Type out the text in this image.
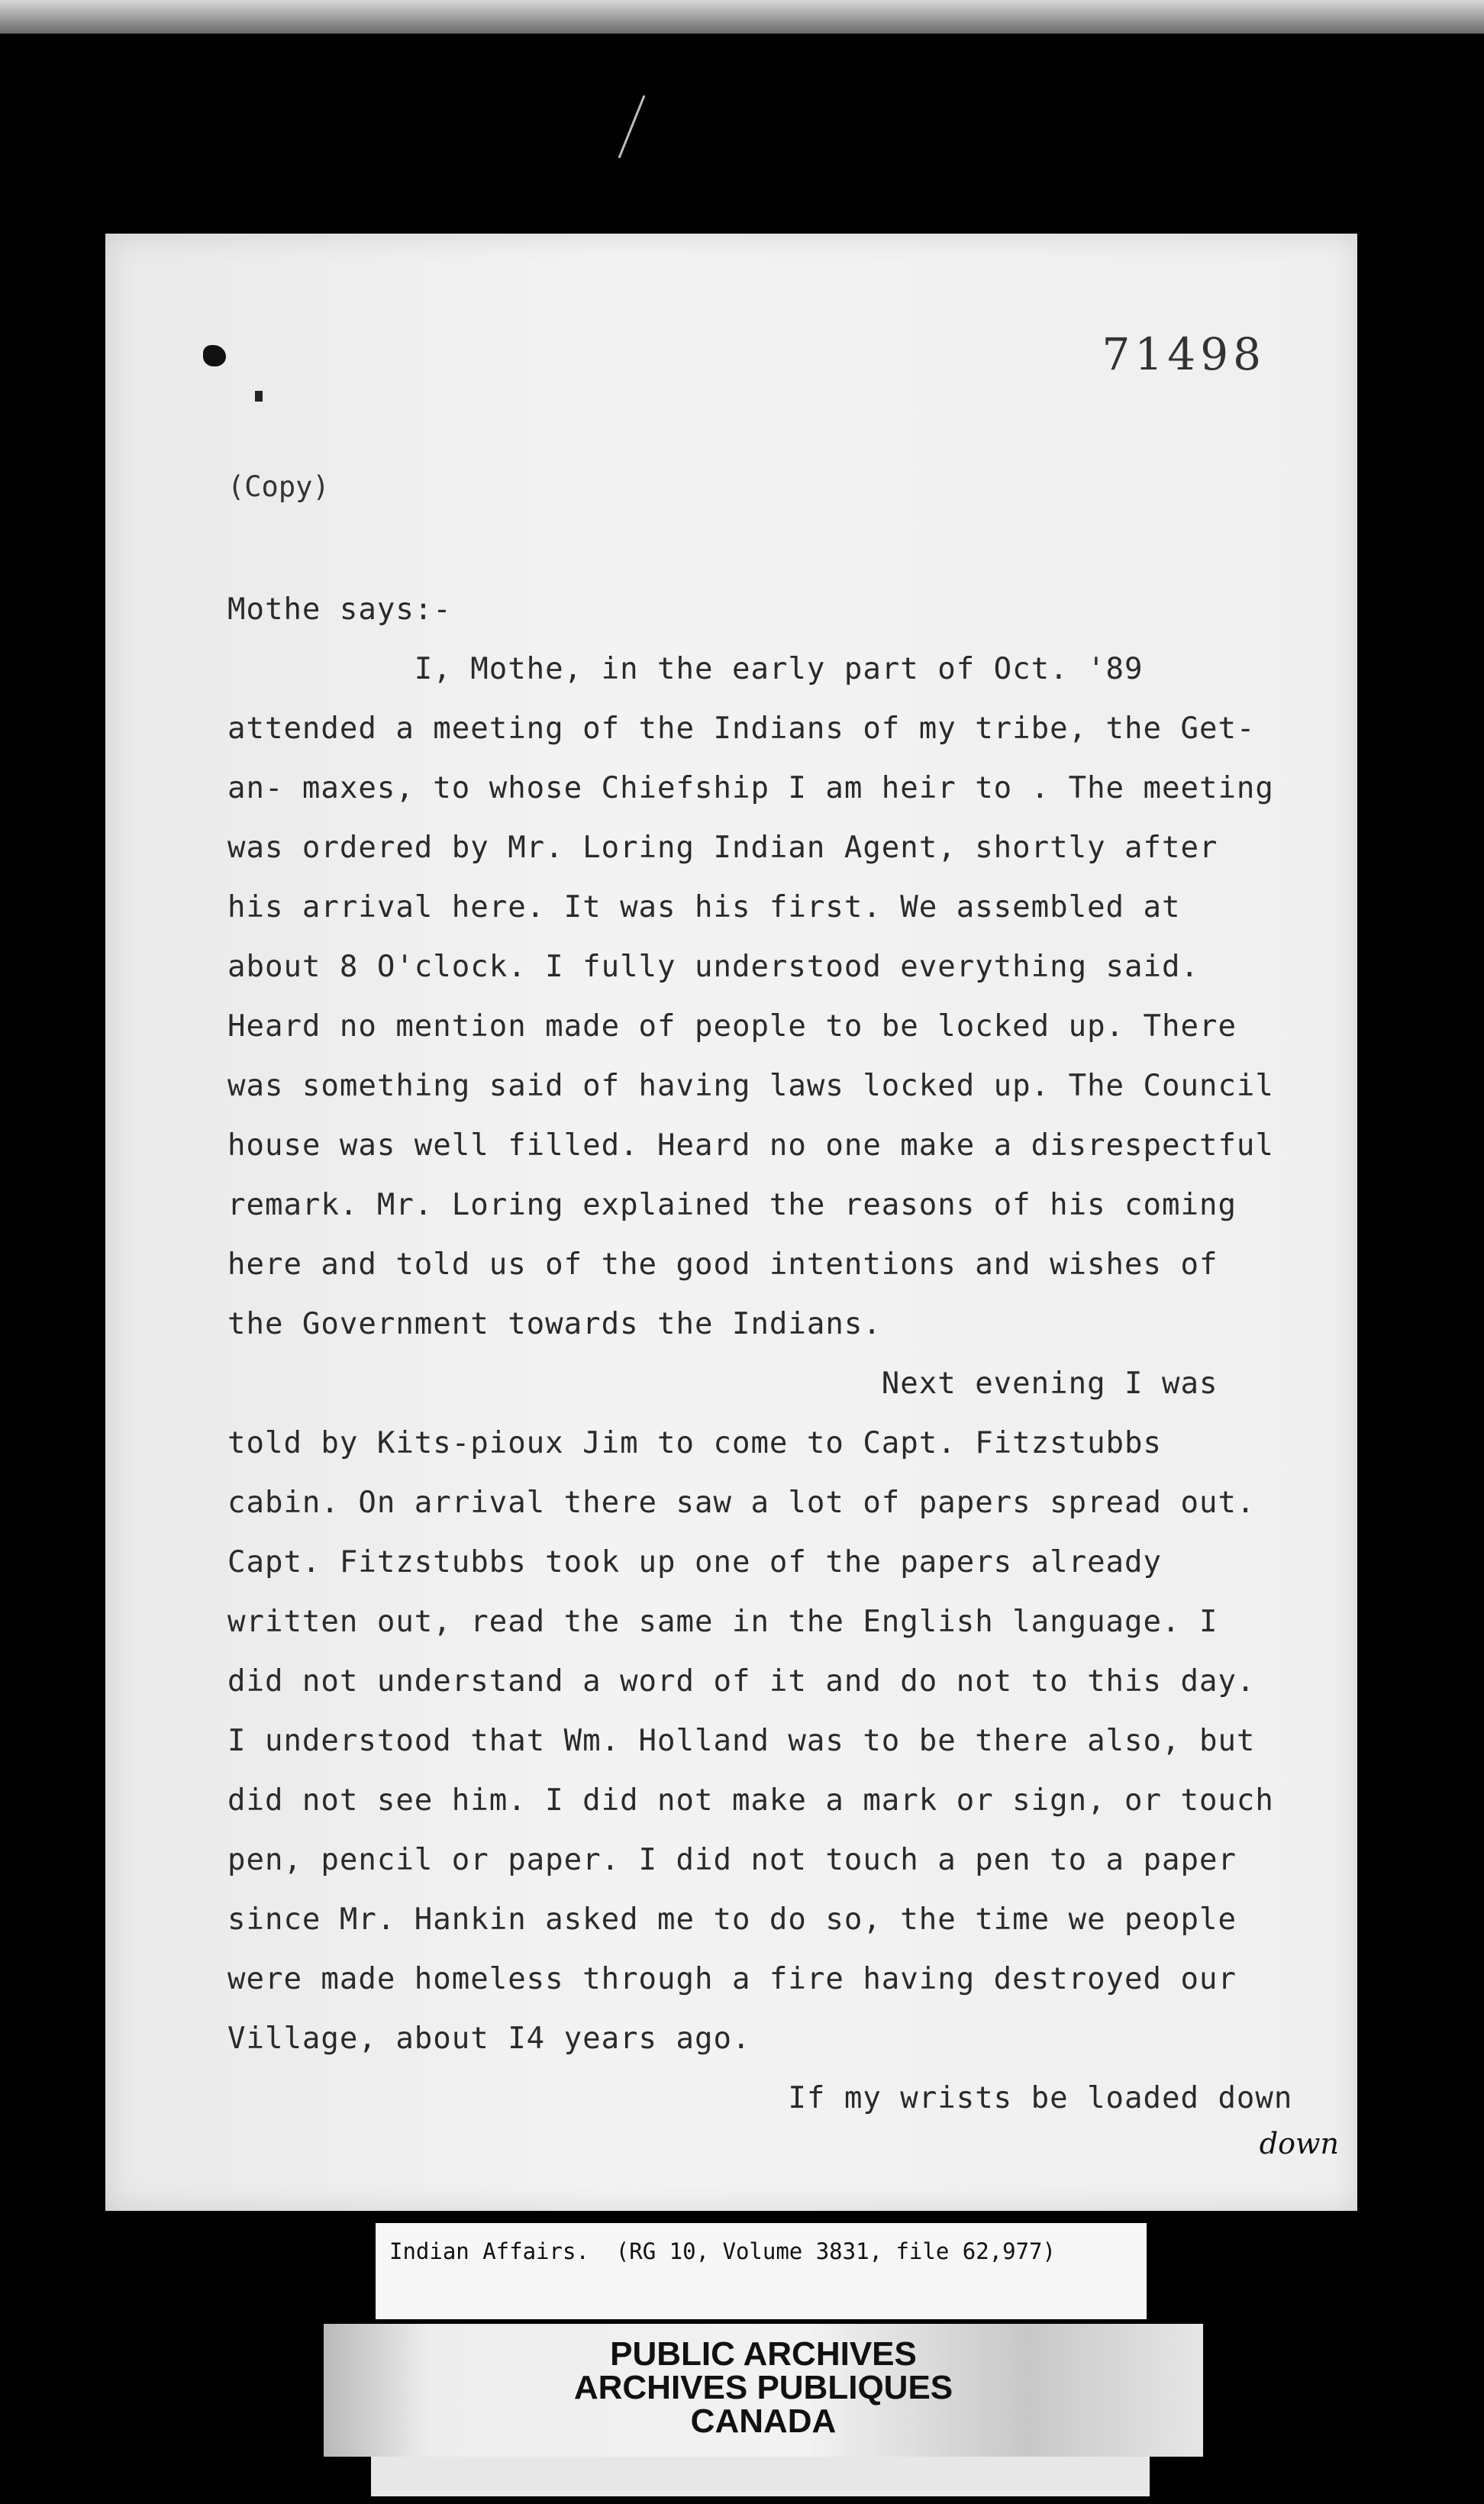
71498
(Copy)
Mothe says:-
I, Mothe, in the early part of Oct. '89
attended a meeting of the Indians of my tribe, the Get-
an- maxes, to whose Chiefship I am heir to . The meeting
was ordered by Mr. Loring Indian Agent, shortly after
his arrival here. It was his first. We assembled at
about 8 O'clock. I fully understood everything said.
Heard no mention made of people to be locked up. There
was something said of having laws locked up. The Council
house was well filled. Heard no one make a disrespectful
remark. Mr. Loring explained the reasons of his coming
here and told us of the good intentions and wishes of
the Government towards the Indians.
Next evening I was
told by Kits-pioux Jim to come to Capt. Fitzstubbs
cabin. On arrival there saw a lot of papers spread out.
Capt. Fitzstubbs took up one of the papers already
written out, read the same in the English language. I
did not understand a word of it and do not to this day.
I understood that Wm. Holland was to be there also, but
did not see him. I did not make a mark or sign, or touch
pen, pencil or paper. I did not touch a pen to a paper
since Mr. Hankin asked me to do so, the time we people
were made homeless through a fire having destroyed our
Village, about I4 years ago.
If my wrists be loaded down
down
Indian Affairs.  (RG 10, Volume 3831, file 62,977)
PUBLIC ARCHIVES
ARCHIVES PUBLIQUES
CANADA
